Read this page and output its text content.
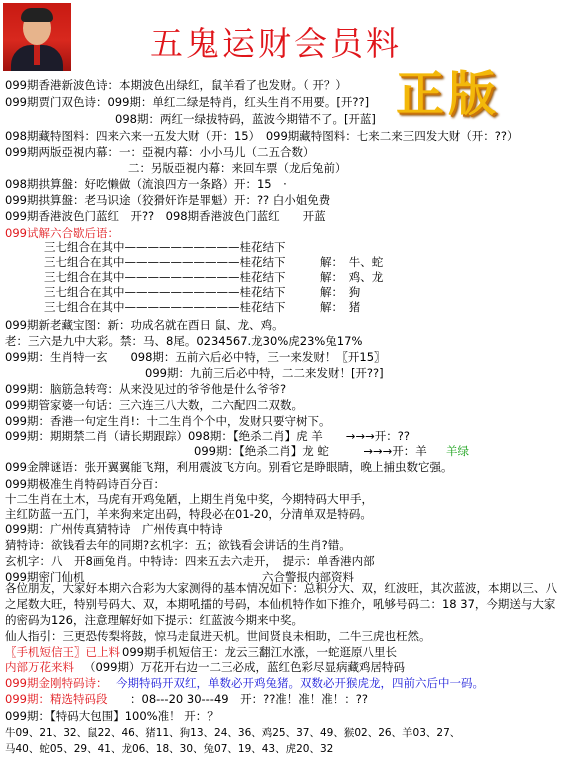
五鬼运财会员料
正版
099期香港新波色诗：本期波色出绿红，鼠羊看了也发财。（ 开？）
099期贾门双色诗：099期：单红二绿是特肖，红头生肖不用要。[开??]
098期：两红一绿拔特码，蓝波今期错不了。[开蓝]
098期藏特图料：四来六来一五发大财（开：15）　099期藏特图料：七来二来三四发大财（开：??）
099期两版亞視内幕：一：亞視内幕：小小马儿（二五合数）
二：另版亞視内幕：来回车票（龙后兔前）
098期拱算盤：好吃懒做（流浪四方一条路）开：15　·
099期拱算盤：老马识途（狡猾奸诈是罪魁）开：?? 白小姐免费
099期香港波色门蓝红　开??　098期香港波色门蓝红　　开蓝
099试解六合歇后语：
三七组合在其中——————————桂花结下
三七组合在其中——————————桂花结下　　　解：　牛、蛇
三七组合在其中——————————桂花结下　　　解：　鸡、龙
三七组合在其中——————————桂花结下　　　解：　狗
三七组合在其中——————————桂花结下　　　解：　猪
099期新老藏宝图：新：功成名就在酉日 鼠、龙、鸡。
老：三六是九中大彩。禁：马、8尾。0234567.龙30%虎23%兔17%
099期：生肖特一玄　　098期：五前六后必中特，三一来发财！〖开15〗
099期：九前三后必中特，二二来发财！[开??]
099期：脑筋急转弯：从来没见过的爷爷他是什么爷爷?
099期管家婆一句话：三六连三八大数，二六配四二双数。
099期：香港一句定生肖!：十二生肖个个中，发财只要守树下。
099期：期期禁二肖（请长期跟踪）098期：【绝杀二肖】虎 羊　　→→→开：??
099期：【绝杀二肖】龙 蛇　　　→→→开：羊 羊绿
099金牌谜语：张开翼翼能飞翔，利用震波飞方向。别看它是睁眼睛，晚上捕虫数它强。
099期极准生肖特码诗百分百：
十二生肖在土木，马虎有开鸡兔陋，上期生肖兔中奖，今期特码大甲手，
主红防蓝一五门，羊来狗来定出码，特段必在01-20，分清单双是特码。
099期：广州传真猜特诗　广州传真中特诗
猜特诗：欲钱看去年的同期?玄机字：五；欲钱看会讲话的生肖?错。
玄机字：八　开8画兔肖。中特诗：四来五去六走开，　提示：单香港内部
099期密门仙机	六合警报内部资料
各位朋友，大家好本期六合彩为大家测得的基本情况如下：总积分大、双，红波旺，其次蓝波，本期以三、八之尾数大旺，特别号码大、双，本期吼擂的号码，本仙机特作如下推介，吼够号码二：18 37，今期送与大家的密码为126，注意理解好如下提示：红蓝波今期来中奖。
仙人指引：三更恐传梨将鼓，惊马走鼠进天机。世间贤良未相助，二牛三虎也枉然。
〖手机短信王〗已上料 099期手机短信王：龙云三翻江水涨，一蛇逛原八里长
内部万花来料 （099期）万花开右边一二三必成，蓝红色彩尽显病藏鸡居特码
099期金刚特码诗： 今期特码开双红，单数必开鸡兔猪。双数必开猴虎龙，四前六后中一码。
099期：精选特码段 ：08---20 30---49　开：??准！准！准！：??
099期：【特码大包围】100%准！ 开：？
牛09、21、32、鼠22、46、猪11、狗13、24、36、鸡25、37、49、猴02、26、羊03、27、
马40、蛇05、29、41、龙06、18、30、兔07、19、43、虎20、32
